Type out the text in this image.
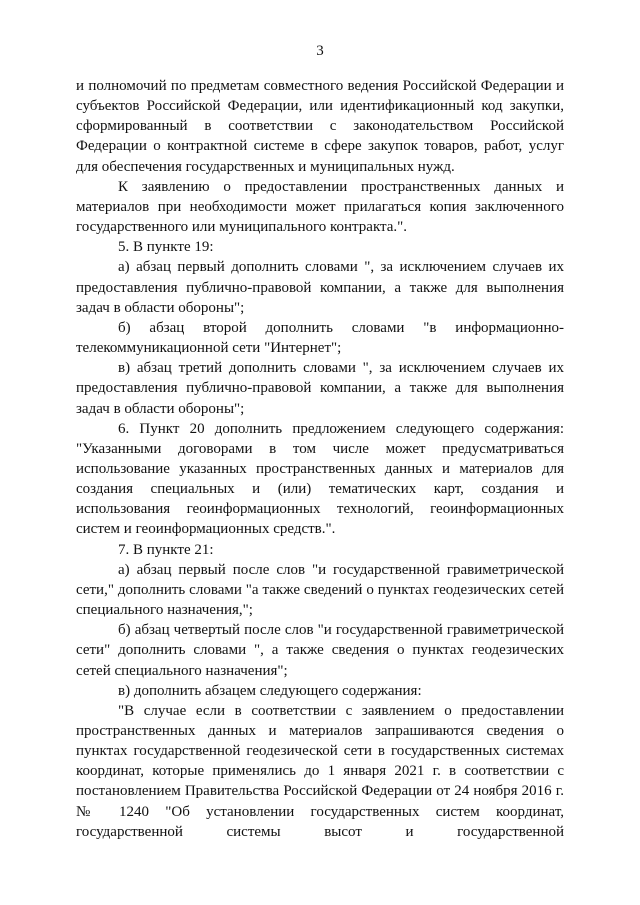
3

и полномочий по предметам совместного ведения Российской Федерации и субъектов Российской Федерации, или идентификационный код закупки, сформированный в соответствии с законодательством Российской Федерации о контрактной системе в сфере закупок товаров, работ, услуг для обеспечения государственных и муниципальных нужд.

К заявлению о предоставлении пространственных данных и материалов при необходимости может прилагаться копия заключенного государственного или муниципального контракта.".

5. В пункте 19:

а) абзац первый дополнить словами ", за исключением случаев их предоставления публично-правовой компании, а также для выполнения задач в области обороны";

б) абзац второй дополнить словами "в информационно-телекоммуникационной сети "Интернет";

в) абзац третий дополнить словами ", за исключением случаев их предоставления публично-правовой компании, а также для выполнения задач в области обороны";

6. Пункт 20 дополнить предложением следующего содержания: "Указанными договорами в том числе может предусматриваться использование указанных пространственных данных и материалов для создания специальных и (или) тематических карт, создания и использования геоинформационных технологий, геоинформационных систем и геоинформационных средств.".

7. В пункте 21:

а) абзац первый после слов "и государственной гравиметрической сети," дополнить словами "а также сведений о пунктах геодезических сетей специального назначения,";

б) абзац четвертый после слов "и государственной гравиметрической сети" дополнить словами ", а также сведения о пунктах геодезических сетей специального назначения";

в) дополнить абзацем следующего содержания:

"В случае если в соответствии с заявлением о предоставлении пространственных данных и материалов запрашиваются сведения о пунктах государственной геодезической сети в государственных системах координат, которые применялись до 1 января 2021 г. в соответствии с постановлением Правительства Российской Федерации от 24 ноября 2016 г. № 1240 "Об установлении государственных систем координат, государственной системы высот и государственной
